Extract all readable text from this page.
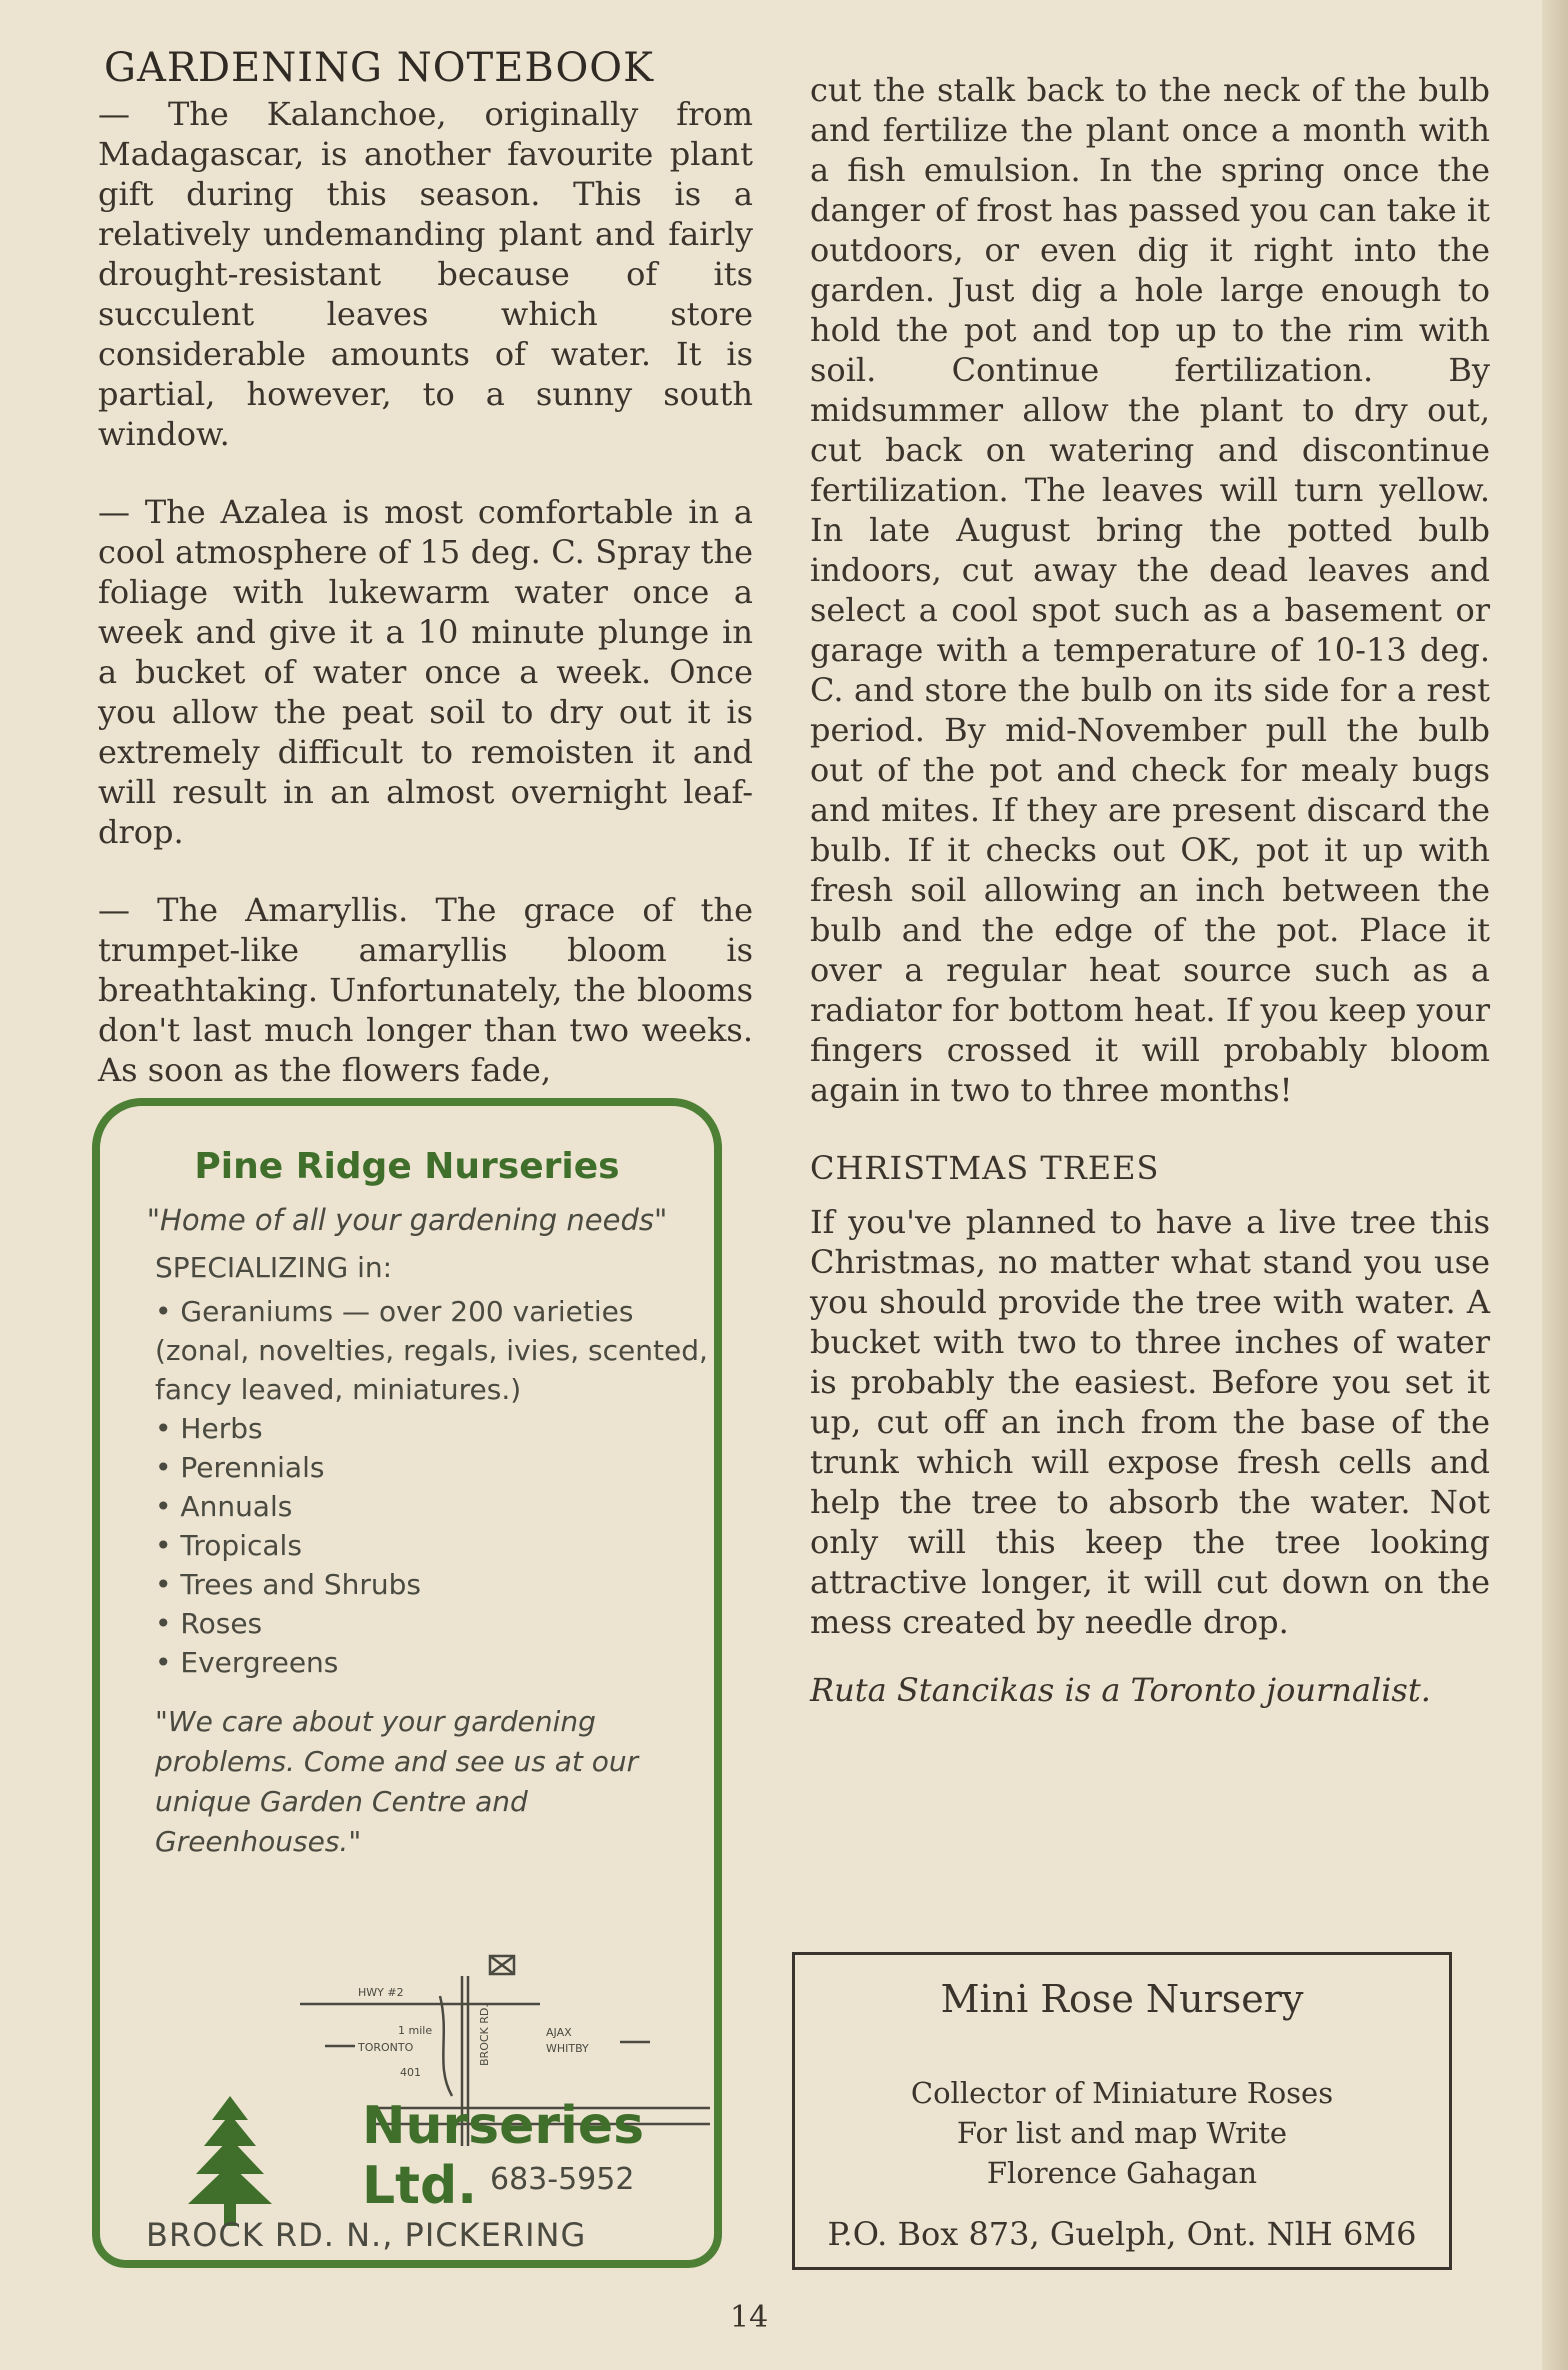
GARDENING NOTEBOOK

— The Kalanchoe, originally from Madagascar, is another favourite plant gift during this season. This is a relatively undemanding plant and fairly drought-resistant because of its succulent leaves which store considerable amounts of water. It is partial, however, to a sunny south window.

— The Azalea is most comfortable in a cool atmosphere of 15 deg. C. Spray the foliage with lukewarm water once a week and give it a 10 minute plunge in a bucket of water once a week. Once you allow the peat soil to dry out it is extremely difficult to remoisten it and will result in an almost overnight leaf-drop.

— The Amaryllis. The grace of the trumpet-like amaryllis bloom is breathtaking. Unfortunately, the blooms don't last much longer than two weeks. As soon as the flowers fade,

Pine Ridge Nurseries
"Home of all your gardening needs"
SPECIALIZING in:
• Geraniums — over 200 varieties
(zonal, novelties, regals, ivies, scented, fancy leaved, miniatures.)
• Herbs
• Perennials
• Annuals
• Tropicals
• Trees and Shrubs
• Roses
• Evergreens
"We care about your gardening problems. Come and see us at our unique Garden Centre and Greenhouses."
HWY #2
1 mile
TORONTO
401
AJAX
WHITBY
BROCK RD.
Nurseries Ltd. 683-5952
BROCK RD. N., PICKERING

cut the stalk back to the neck of the bulb and fertilize the plant once a month with a fish emulsion. In the spring once the danger of frost has passed you can take it outdoors, or even dig it right into the garden. Just dig a hole large enough to hold the pot and top up to the rim with soil. Continue fertilization. By midsummer allow the plant to dry out, cut back on watering and discontinue fertilization. The leaves will turn yellow. In late August bring the potted bulb indoors, cut away the dead leaves and select a cool spot such as a basement or garage with a temperature of 10-13 deg. C. and store the bulb on its side for a rest period. By mid-November pull the bulb out of the pot and check for mealy bugs and mites. If they are present discard the bulb. If it checks out OK, pot it up with fresh soil allowing an inch between the bulb and the edge of the pot. Place it over a regular heat source such as a radiator for bottom heat. If you keep your fingers crossed it will probably bloom again in two to three months!

CHRISTMAS TREES

If you've planned to have a live tree this Christmas, no matter what stand you use you should provide the tree with water. A bucket with two to three inches of water is probably the easiest. Before you set it up, cut off an inch from the base of the trunk which will expose fresh cells and help the tree to absorb the water. Not only will this keep the tree looking attractive longer, it will cut down on the mess created by needle drop.

Ruta Stancikas is a Toronto journalist.
Mini Rose Nursery
Collector of Miniature Roses
For list and map Write
Florence Gahagan
P.O. Box 873, Guelph, Ont. NlH 6M6
14
